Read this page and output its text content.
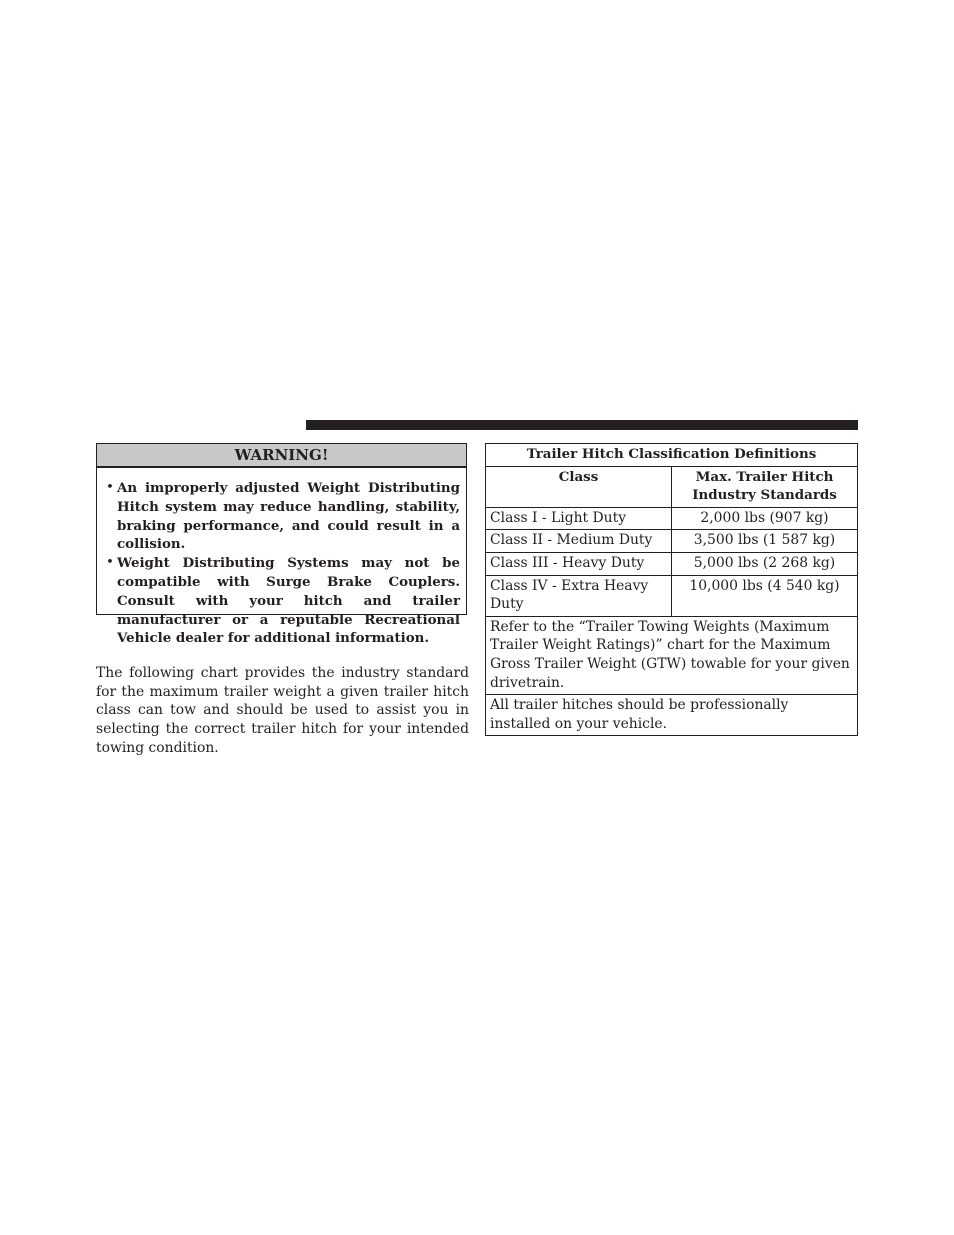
WARNING!
• An improperly adjusted Weight Distributing Hitch system may reduce handling, stability, braking performance, and could result in a collision.
• Weight Distributing Systems may not be compatible with Surge Brake Couplers. Consult with your hitch and trailer manufacturer or a reputable Recreational Vehicle dealer for additional information.

The following chart provides the industry standard for the maximum trailer weight a given trailer hitch class can tow and should be used to assist you in selecting the correct trailer hitch for your intended towing condition.

Trailer Hitch Classification Definitions	
Class	Max. Trailer Hitch Industry Standards
Class I - Light Duty	2,000 lbs (907 kg)
Class II - Medium Duty	3,500 lbs (1 587 kg)
Class III - Heavy Duty	5,000 lbs (2 268 kg)
Class IV - Extra Heavy Duty	10,000 lbs (4 540 kg)
Refer to the “Trailer Towing Weights (Maximum Trailer Weight Ratings)” chart for the Maximum Gross Trailer Weight (GTW) towable for your given drivetrain.	
All trailer hitches should be professionally installed on your vehicle.	
